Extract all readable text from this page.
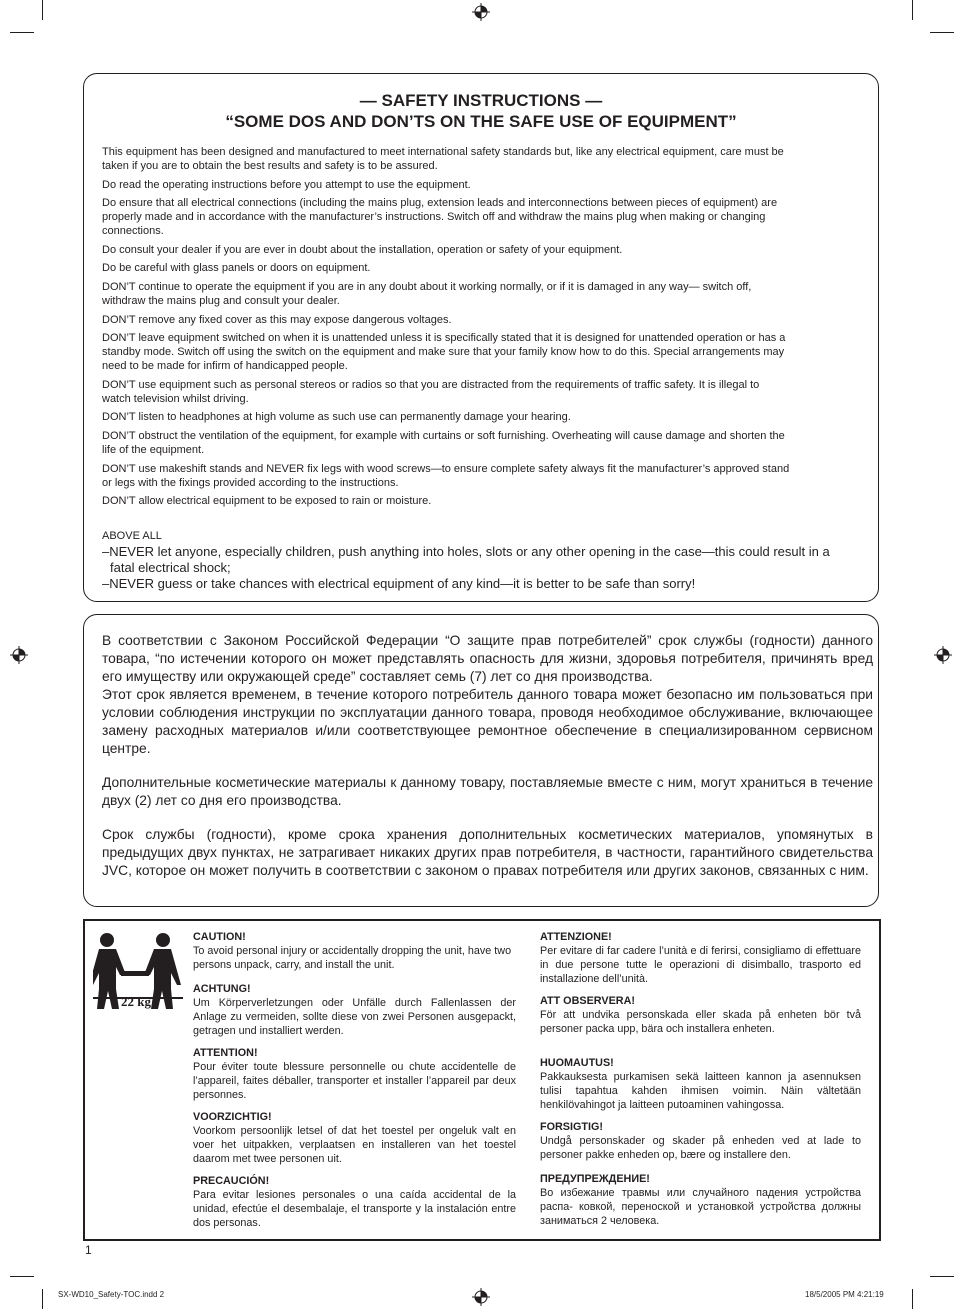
— SAFETY INSTRUCTIONS —
“SOME DOS AND DON’TS ON THE SAFE USE OF EQUIPMENT”

This equipment has been designed and manufactured to meet international safety standards but, like any electrical equipment, care must be taken if you are to obtain the best results and safety is to be assured.

Do read the operating instructions before you attempt to use the equipment.

Do ensure that all electrical connections (including the mains plug, extension leads and interconnections between pieces of equipment) are properly made and in accordance with the manufacturer’s instructions. Switch off and withdraw the mains plug when making or changing connections.

Do consult your dealer if you are ever in doubt about the installation, operation or safety of your equipment.

Do be careful with glass panels or doors on equipment.

DON’T continue to operate the equipment if you are in any doubt about it working normally, or if it is damaged in any way— switch off, withdraw the mains plug and consult your dealer.

DON’T remove any fixed cover as this may expose dangerous voltages.

DON’T leave equipment switched on when it is unattended unless it is specifically stated that it is designed for unattended operation or has a standby mode. Switch off using the switch on the equipment and make sure that your family know how to do this. Special arrangements may need to be made for infirm of handicapped people.

DON’T use equipment such as personal stereos or radios so that you are distracted from the requirements of traffic safety. It is illegal to watch television whilst driving.

DON’T listen to headphones at high volume as such use can permanently damage your hearing.

DON’T obstruct the ventilation of the equipment, for example with curtains or soft furnishing. Overheating will cause damage and shorten the life of the equipment.

DON’T use makeshift stands and NEVER fix legs with wood screws—to ensure complete safety always fit the manufacturer’s approved stand or legs with the fixings provided according to the instructions.

DON’T allow electrical equipment to be exposed to rain or moisture.

ABOVE ALL
–NEVER let anyone, especially children, push anything into holes, slots or any other opening in the case—this could result in a
fatal electrical shock;
–NEVER guess or take chances with electrical equipment of any kind—it is better to be safe than sorry!

В соответствии с Законом Российской Федерации “О защите прав потребителей” срок службы (годности) данного товара, “по истечении которого он может представлять опасность для жизни, здоровья потребителя, причинять вред его имуществу или окружающей среде” составляет семь (7) лет со дня производства.

Этот срок является временем, в течение которого потребитель данного товара может безопасно им пользоваться при условии соблюдения инструкции по эксплуатации данного товара, проводя необходимое обслуживание, включающее замену расходных материалов и/или соответствующее ремонтное обеспечение в специализированном сервисном центре.

Дополнительные косметические материалы к данному товару, поставляемые вместе с ним, могут храниться в течение двух (2) лет со дня его производства.

Срок службы (годности), кроме срока хранения дополнительных косметических материалов, упомянутых в предыдущих двух пунктах, не затрагивает никаких других прав потребителя, в частности, гарантийного свидетельства JVC, которое он может получить в соответствии с законом о правах потребителя или других законов, связанных с ним.

22 kg
CAUTION!

To avoid personal injury or accidentally dropping the unit, have two persons unpack, carry, and install the unit.

ACHTUNG!

Um Körperverletzungen oder Unfälle durch Fallenlassen der Anlage zu vermeiden, sollte diese von zwei Personen ausgepackt, getragen und installiert werden.

ATTENTION!

Pour éviter toute blessure personnelle ou chute accidentelle de l’appareil, faites déballer, transporter et installer l’appareil par deux personnes.

VOORZICHTIG!

Voorkom persoonlijk letsel of dat het toestel per ongeluk valt en voer het uitpakken, verplaatsen en installeren van het toestel daarom met twee personen uit.

PRECAUCIÓN!

Para evitar lesiones personales o una caída accidental de la unidad, efectúe el desembalaje, el transporte y la instalación entre dos personas.

ATTENZIONE!

Per evitare di far cadere l’unità e di ferirsi, consigliamo di effettuare in due persone tutte le operazioni di disimballo, trasporto ed installazione dell’unità.

ATT OBSERVERA!

För att undvika personskada eller skada på enheten bör två personer packa upp, bära och installera enheten.

HUOMAUTUS!

Pakkauksesta purkamisen sekä laitteen kannon ja asennuksen tulisi tapahtua kahden ihmisen voimin. Näin vältetään henkilövahingot ja laitteen putoaminen vahingossa.

FORSIGTIG!

Undgå personskader og skader på enheden ved at lade to personer pakke enheden op, bære og installere den.

ПРЕДУПРЕЖДЕНИЕ!

Во избежание травмы или случайного падения устройства распа- ковкой, переноской и установкой устройства должны заниматься 2 человека.

1
SX-WD10_Safety-TOC.indd 2	18/5/2005 PM 4:21:19
